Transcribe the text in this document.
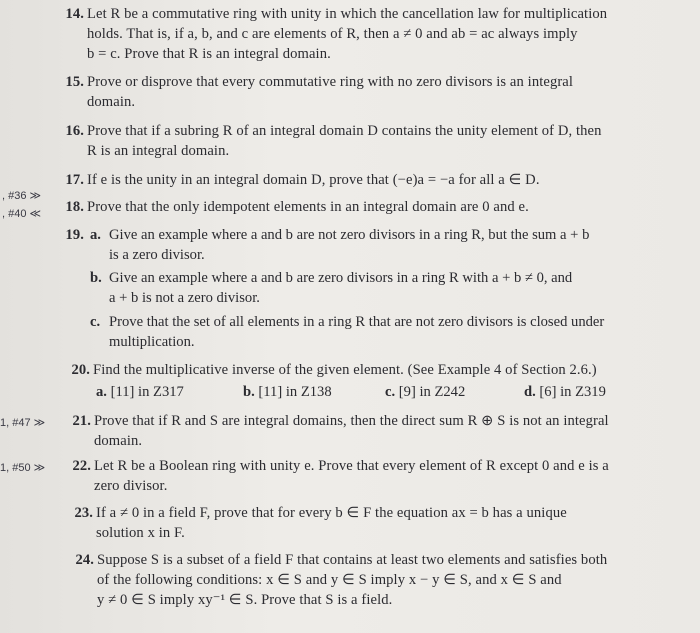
, #36 ≫
, #40 ≪
1, #47 ≫
1, #50 ≫
14. Let R be a commutative ring with unity in which the cancellation law for multiplication
holds. That is, if a, b, and c are elements of R, then a ≠ 0 and ab = ac always imply
b = c. Prove that R is an integral domain.
15. Prove or disprove that every commutative ring with no zero divisors is an integral
domain.
16. Prove that if a subring R of an integral domain D contains the unity element of D, then
R is an integral domain.
17. If e is the unity in an integral domain D, prove that (−e)a = −a for all a ∈ D.
18. Prove that the only idempotent elements in an integral domain are 0 and e.
19. a. Give an example where a and b are not zero divisors in a ring R, but the sum a + b
is a zero divisor.
b. Give an example where a and b are zero divisors in a ring R with a + b ≠ 0, and
a + b is not a zero divisor.
c. Prove that the set of all elements in a ring R that are not zero divisors is closed under
multiplication.
20. Find the multiplicative inverse of the given element. (See Example 4 of Section 2.6.)
a. [11] in Z317	b. [11] in Z138	c. [9] in Z242	d. [6] in Z319
21. Prove that if R and S are integral domains, then the direct sum R ⊕ S is not an integral
domain.
22. Let R be a Boolean ring with unity e. Prove that every element of R except 0 and e is a
zero divisor.
23. If a ≠ 0 in a field F, prove that for every b ∈ F the equation ax = b has a unique
solution x in F.
24. Suppose S is a subset of a field F that contains at least two elements and satisfies both
of the following conditions: x ∈ S and y ∈ S imply x − y ∈ S, and x ∈ S and
y ≠ 0 ∈ S imply xy⁻¹ ∈ S. Prove that S is a field.
